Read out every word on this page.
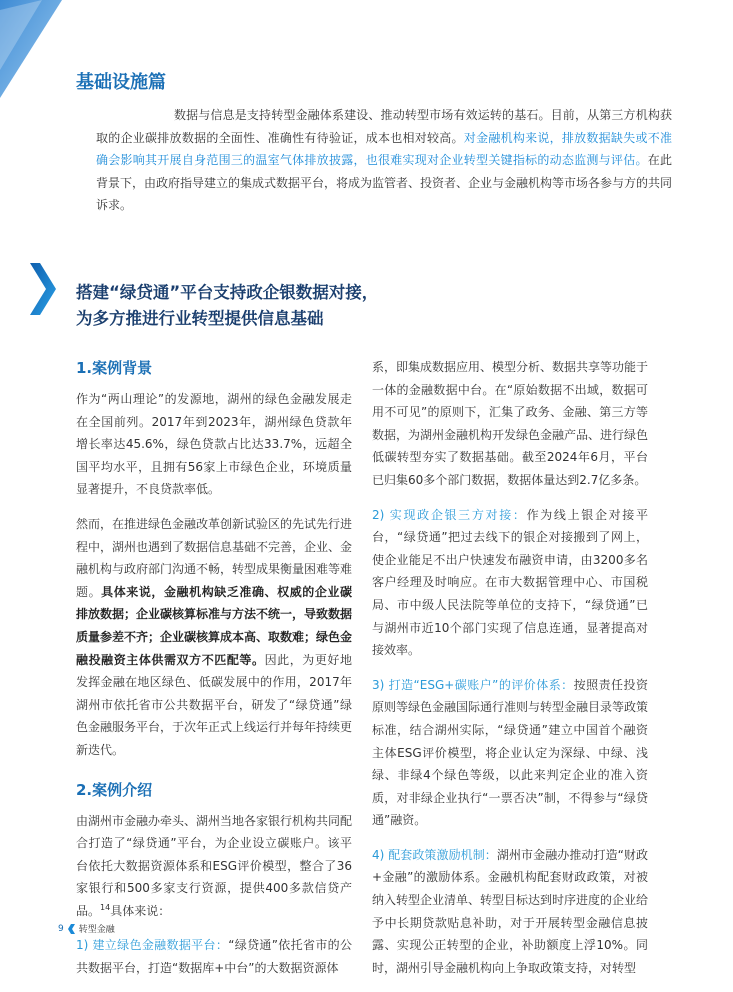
基础设施篇

数据与信息是支持转型金融体系建设、推动转型市场有效运转的基石。目前，从第三方机构获取的企业碳排放数据的全面性、准确性有待验证，成本也相对较高。对金融机构来说，排放数据缺失或不准确会影响其开展自身范围三的温室气体排放披露，也很难实现对企业转型关键指标的动态监测与评估。在此背景下，由政府指导建立的集成式数据平台，将成为监管者、投资者、企业与金融机构等市场各参与方的共同诉求。

搭建“绿贷通”平台支持政企银数据对接，
为多方推进行业转型提供信息基础
1.案例背景

作为“两山理论”的发源地，湖州的绿色金融发展走在全国前列。2017年到2023年，湖州绿色贷款年增长率达45.6%，绿色贷款占比达33.7%，远超全国平均水平，且拥有56家上市绿色企业，环境质量显著提升，不良贷款率低。

然而，在推进绿色金融改革创新试验区的先试先行进程中，湖州也遇到了数据信息基础不完善，企业、金融机构与政府部门沟通不畅，转型成果衡量困难等难题。具体来说，金融机构缺乏准确、权威的企业碳排放数据；企业碳核算标准与方法不统一，导致数据质量参差不齐；企业碳核算成本高、取数难；绿色金融投融资主体供需双方不匹配等。因此，为更好地发挥金融在地区绿色、低碳发展中的作用，2017年湖州市依托省市公共数据平台，研发了“绿贷通”绿色金融服务平台，于次年正式上线运行并每年持续更新迭代。

2.案例介绍

由湖州市金融办牵头、湖州当地各家银行机构共同配合打造了“绿贷通”平台，为企业设立碳账户。该平台依托大数据资源体系和ESG评价模型，整合了36家银行和500多家支行资源，提供400多款信贷产品。$^{14}$具体来说：

1) 建立绿色金融数据平台：“绿贷通”依托省市的公共数据平台，打造“数据库+中台”的大数据资源体

系，即集成数据应用、模型分析、数据共享等功能于一体的金融数据中台。在“原始数据不出域，数据可用不可见”的原则下，汇集了政务、金融、第三方等数据，为湖州金融机构开发绿色金融产品、进行绿色低碳转型夯实了数据基础。截至2024年6月，平台已归集60多个部门数据，数据体量达到2.7亿多条。

2) 实现政企银三方对接：作为线上银企对接平台，“绿贷通”把过去线下的银企对接搬到了网上，使企业能足不出户快速发布融资申请，由3200多名客户经理及时响应。在市大数据管理中心、市国税局、市中级人民法院等单位的支持下，“绿贷通”已与湖州市近10个部门实现了信息连通，显著提高对接效率。

3) 打造“ESG+碳账户”的评价体系：按照责任投资原则等绿色金融国际通行准则与转型金融目录等政策标准，结合湖州实际，“绿贷通”建立中国首个融资主体ESG评价模型，将企业认定为深绿、中绿、浅绿、非绿4个绿色等级，以此来判定企业的准入资质，对非绿企业执行“一票否决”制，不得参与“绿贷通”融资。

4) 配套政策激励机制：湖州市金融办推动打造“财政+金融”的激励体系。金融机构配套财政政策，对被纳入转型企业清单、转型目标达到时序进度的企业给予中长期贷款贴息补助，对于开展转型金融信息披露、实现公正转型的企业，补助额度上浮10%。同时，湖州引导金融机构向上争取政策支持，对转型

9 转型金融
